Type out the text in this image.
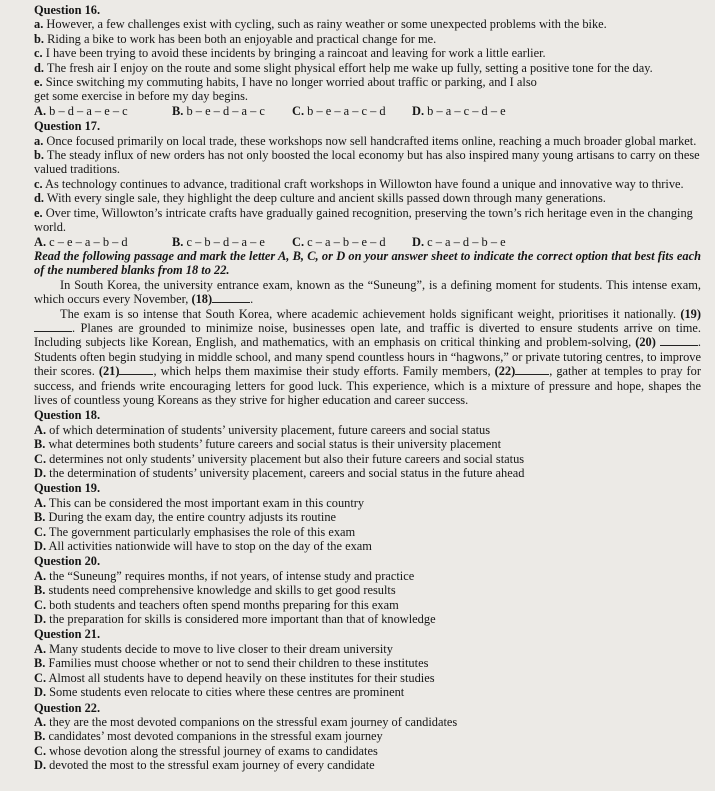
Question 16.
a. However, a few challenges exist with cycling, such as rainy weather or some unexpected problems with the bike.
b. Riding a bike to work has been both an enjoyable and practical change for me.
c. I have been trying to avoid these incidents by bringing a raincoat and leaving for work a little earlier.
d. The fresh air I enjoy on the route and some slight physical effort help me wake up fully, setting a positive tone for the day.
e. Since switching my commuting habits, I have no longer worried about traffic or parking, and I also get some exercise in before my day begins.
A. b – d – a – e – c	B. b – e – d – a – c	C. b – e – a – c – d	D. b – a – c – d – e
Question 17.
a. Once focused primarily on local trade, these workshops now sell handcrafted items online, reaching a much broader global market.
b. The steady influx of new orders has not only boosted the local economy but has also inspired many young artisans to carry on these valued traditions.
c. As technology continues to advance, traditional craft workshops in Willowton have found a unique and innovative way to thrive.
d. With every single sale, they highlight the deep culture and ancient skills passed down through many generations.
e. Over time, Willowton’s intricate crafts have gradually gained recognition, preserving the town’s rich heritage even in the changing world.
A. c – e – a – b – d	B. c – b – d – a – e	C. c – a – b – e – d	D. c – a – d – b – e
Read the following passage and mark the letter A, B, C, or D on your answer sheet to indicate the correct option that best fits each of the numbered blanks from 18 to 22.
In South Korea, the university entrance exam, known as the “Suneung”, is a defining moment for students. This intense exam, which occurs every November, (18)	.
The exam is so intense that South Korea, where academic achievement holds significant weight, prioritises it nationally. (19) . Planes are grounded to minimize noise, businesses open late, and traffic is diverted to ensure students arrive on time. Including subjects like Korean, English, and mathematics, with an emphasis on critical thinking and problem-solving, (20)	. Students often begin studying in middle school, and many spend countless hours in “hagwons,” or private tutoring centres, to improve their scores. (21)	, which helps them maximise their study efforts. Family members, (22)	, gather at temples to pray for success, and friends write encouraging letters for good luck. This experience, which is a mixture of pressure and hope, shapes the lives of countless young Koreans as they strive for higher education and career success.
Question 18.
A. of which determination of students’ university placement, future careers and social status
B. what determines both students’ future careers and social status is their university placement
C. determines not only students’ university placement but also their future careers and social status
D. the determination of students’ university placement, careers and social status in the future ahead
Question 19.
A. This can be considered the most important exam in this country
B. During the exam day, the entire country adjusts its routine
C. The government particularly emphasises the role of this exam
D. All activities nationwide will have to stop on the day of the exam
Question 20.
A. the “Suneung” requires months, if not years, of intense study and practice
B. students need comprehensive knowledge and skills to get good results
C. both students and teachers often spend months preparing for this exam
D. the preparation for skills is considered more important than that of knowledge
Question 21.
A. Many students decide to move to live closer to their dream university
B. Families must choose whether or not to send their children to these institutes
C. Almost all students have to depend heavily on these institutes for their studies
D. Some students even relocate to cities where these centres are prominent
Question 22.
A. they are the most devoted companions on the stressful exam journey of candidates
B. candidates’ most devoted companions in the stressful exam journey
C. whose devotion along the stressful journey of exams to candidates
D. devoted the most to the stressful exam journey of every candidate
